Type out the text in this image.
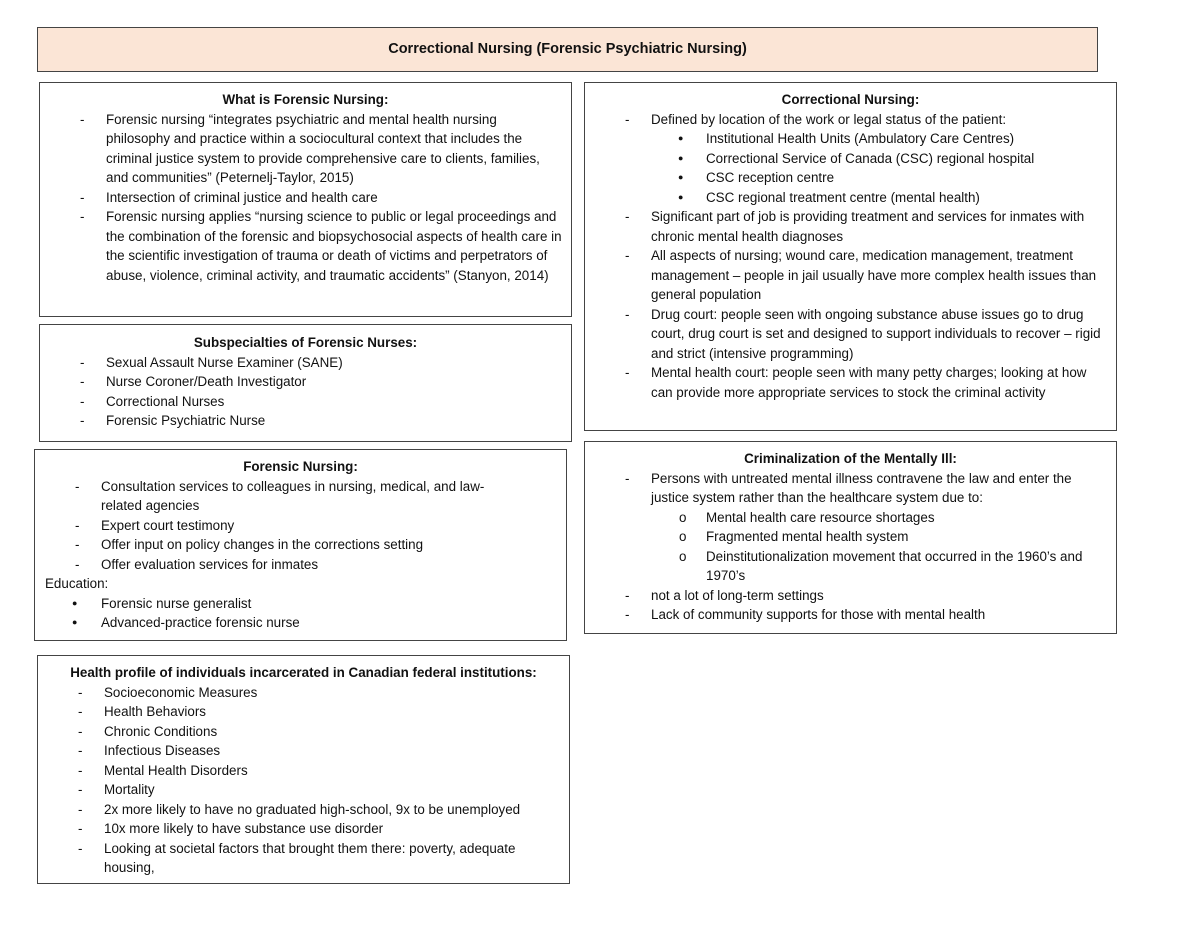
Correctional Nursing (Forensic Psychiatric Nursing)
What is Forensic Nursing:
- Forensic nursing “integrates psychiatric and mental health nursing philosophy and practice within a sociocultural context that includes the criminal justice system to provide comprehensive care to clients, families, and communities” (Peternelj-Taylor, 2015)
- Intersection of criminal justice and health care
- Forensic nursing applies “nursing science to public or legal proceedings and the combination of the forensic and biopsychosocial aspects of health care in the scientific investigation of trauma or death of victims and perpetrators of abuse, violence, criminal activity, and traumatic accidents” (Stanyon, 2014)
Subspecialties of Forensic Nurses:
- Sexual Assault Nurse Examiner (SANE)
- Nurse Coroner/Death Investigator
- Correctional Nurses
- Forensic Psychiatric Nurse
Forensic Nursing:
- Consultation services to colleagues in nursing, medical, and law-related agencies
- Expert court testimony
- Offer input on policy changes in the corrections setting
- Offer evaluation services for inmates
Education:
● Forensic nurse generalist
● Advanced-practice forensic nurse
Health profile of individuals incarcerated in Canadian federal institutions:
- Socioeconomic Measures
- Health Behaviors
- Chronic Conditions
- Infectious Diseases
- Mental Health Disorders
- Mortality
- 2x more likely to have no graduated high-school, 9x to be unemployed
- 10x more likely to have substance use disorder
- Looking at societal factors that brought them there: poverty, adequate housing,
Correctional Nursing:
- Defined by location of the work or legal status of the patient:
● Institutional Health Units (Ambulatory Care Centres)
● Correctional Service of Canada (CSC) regional hospital
● CSC reception centre
● CSC regional treatment centre (mental health)
- Significant part of job is providing treatment and services for inmates with chronic mental health diagnoses
- All aspects of nursing; wound care, medication management, treatment management – people in jail usually have more complex health issues than general population
- Drug court: people seen with ongoing substance abuse issues go to drug court, drug court is set and designed to support individuals to recover – rigid and strict (intensive programming)
- Mental health court: people seen with many petty charges; looking at how can provide more appropriate services to stock the criminal activity
Criminalization of the Mentally Ill:
- Persons with untreated mental illness contravene the law and enter the justice system rather than the healthcare system due to:
o Mental health care resource shortages
o Fragmented mental health system
o Deinstitutionalization movement that occurred in the 1960’s and 1970’s
- not a lot of long-term settings
- Lack of community supports for those with mental health
